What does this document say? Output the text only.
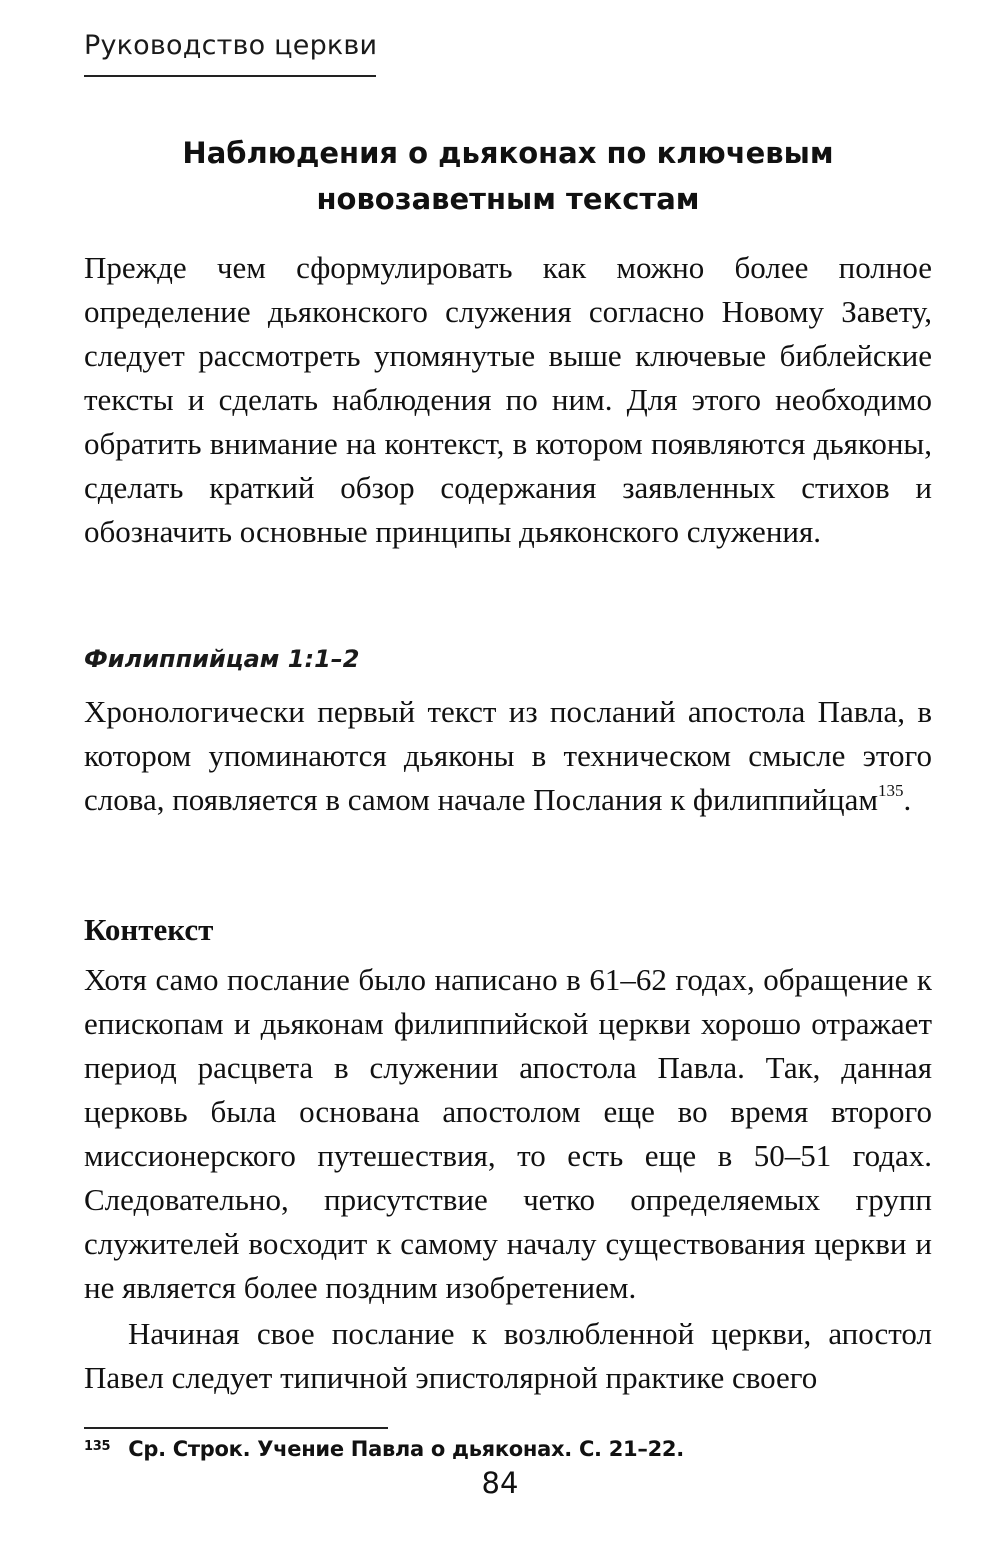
Руководство церкви
Наблюдения о дьяконах по ключевым
новозаветным текстам

Прежде чем сформулировать как можно более полное определение дьяконского служения согласно Новому Завету, следует рассмотреть упомянутые выше ключевые библейские тексты и сделать наблюдения по ним. Для этого необходимо обратить внимание на контекст, в котором появляются дьяконы, сделать краткий обзор содержания заявленных стихов и обозначить основные принципы дьяконского служения.

Филиппийцам 1:1–2

Хронологически первый текст из посланий апостола Павла, в котором упоминаются дьяконы в техническом смысле этого слова, появляется в самом начале Послания к филиппийцам$^{135}$.

Контекст

Хотя само послание было написано в 61–62 годах, обращение к епископам и дьяконам филиппийской церкви хорошо отражает период расцвета в служении апостола Павла. Так, данная церковь была основана апостолом еще во время второго миссионерского путешествия, то есть еще в 50–51 годах. Следовательно, присутствие четко определяемых групп служителей восходит к самому началу существования церкви и не является более поздним изобретением.

Начиная свое послание к возлюбленной церкви, апостол Павел следует типичной эпистолярной практике своего

$^{135}$ Ср. Строк. Учение Павла о дьяконах. С. 21–22.
84
